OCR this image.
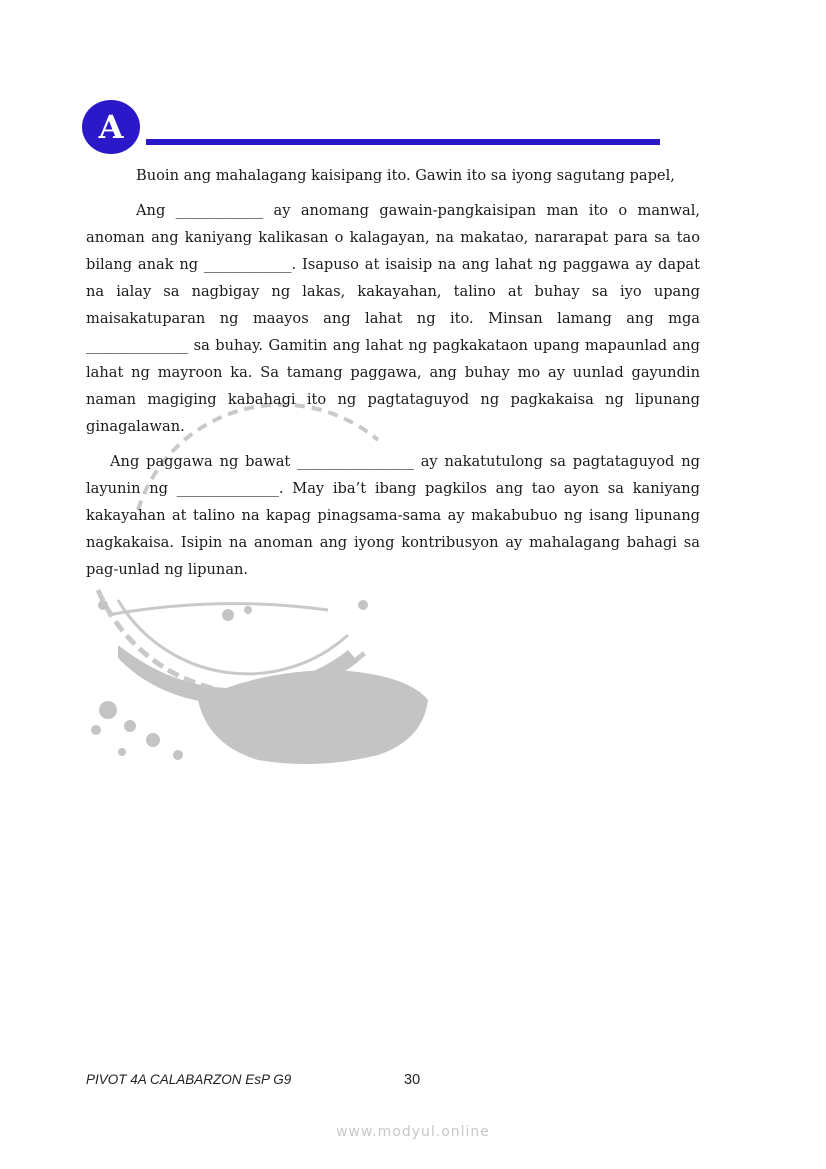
A

Buoin ang mahalagang kaisipang ito. Gawin ito sa iyong sagutang papel,

Ang ____________ ay anomang gawain-pangkaisipan man ito o manwal, anoman ang kaniyang kalikasan o kalagayan, na makatao, nararapat para sa tao bilang anak ng ____________. Isapuso at isaisip na ang lahat ng paggawa ay dapat na ialay sa nagbigay ng lakas, kakayahan, talino at buhay sa iyo upang maisakatuparan ng maayos ang lahat ng ito. Minsan lamang ang mga ______________ sa buhay. Gamitin ang lahat ng pagkakataon upang mapaunlad ang lahat ng mayroon ka. Sa tamang paggawa, ang buhay mo ay uunlad gayundin naman magiging kabahagi ito ng pagtataguyod ng pagkakaisa ng lipunang ginagalawan.

Ang paggawa ng bawat ________________ ay nakatutulong sa pagtataguyod ng layunin ng ______________. May iba’t ibang pagkilos ang tao ayon sa kaniyang kakayahan at talino na kapag pinagsama-sama ay makabubuo ng isang lipunang nagkakaisa. Isipin na anoman ang iyong kontribusyon ay mahalagang bahagi sa pag-unlad ng lipunan.

PIVOT 4A CALABARZON EsP G9	30
www.modyul.online
